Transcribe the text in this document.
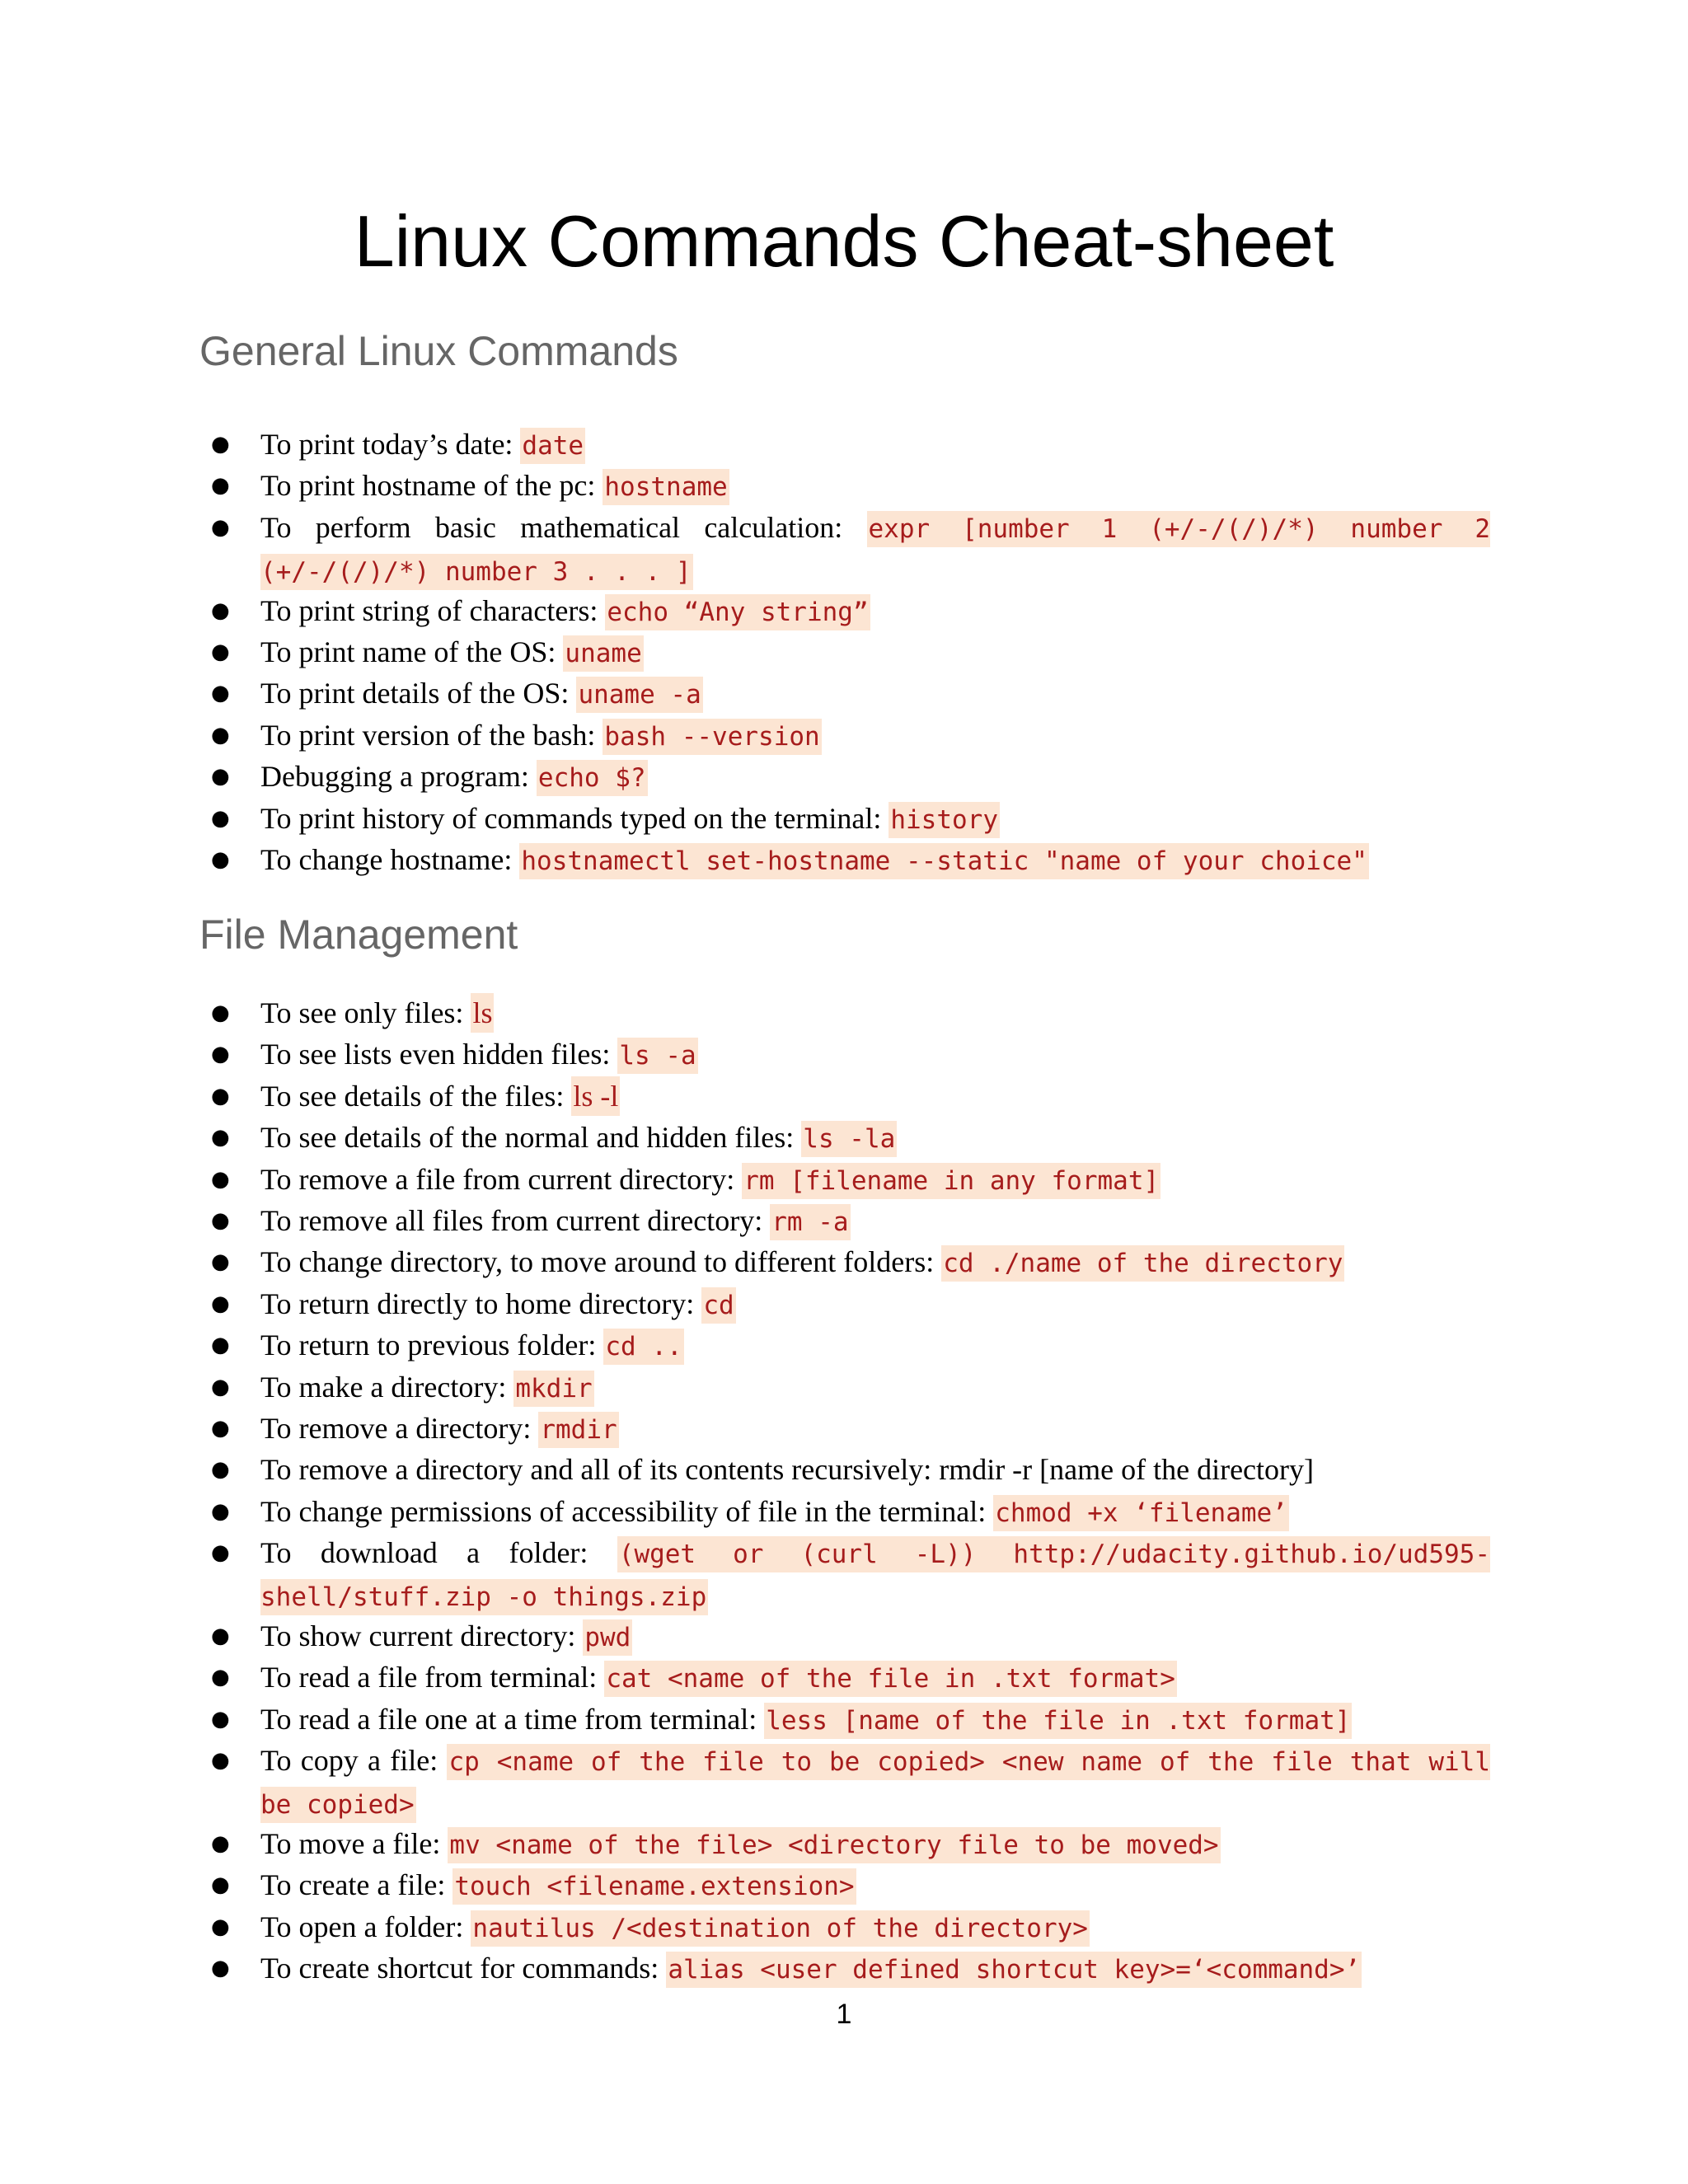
Linux Commands Cheat-sheet
General Linux Commands
● To print today’s date: date
● To print hostname of the pc: hostname
● To perform basic mathematical calculation: expr [number 1 (+/-/(/)/*) number 2 (+/-/(/)/*) number 3 . . . ]
● To print string of characters: echo “Any string”
● To print name of the OS: uname
● To print details of the OS: uname -a
● To print version of the bash: bash --version
● Debugging a program: echo $?
● To print history of commands typed on the terminal: history
● To change hostname: hostnamectl set-hostname --static "name of your choice"
File Management
● To see only files: ls
● To see lists even hidden files: ls -a
● To see details of the files: ls -l
● To see details of the normal and hidden files: ls -la
● To remove a file from current directory: rm [filename in any format]
● To remove all files from current directory: rm -a
● To change directory, to move around to different folders: cd ./name of the directory
● To return directly to home directory: cd
● To return to previous folder: cd ..
● To make a directory: mkdir
● To remove a directory: rmdir
● To remove a directory and all of its contents recursively: rmdir -r [name of the directory]
● To change permissions of accessibility of file in the terminal: chmod +x ‘filename’
● To download a folder: (wget or (curl -L)) http://udacity.github.io/ud595-shell/stuff.zip -o things.zip
● To show current directory: pwd
● To read a file from terminal: cat <name of the file in .txt format>
● To read a file one at a time from terminal: less [name of the file in .txt format]
● To copy a file: cp <name of the file to be copied> <new name of the file that will be copied>
● To move a file: mv <name of the file> <directory file to be moved>
● To create a file: touch <filename.extension>
● To open a folder: nautilus /<destination of the directory>
● To create shortcut for commands: alias <user defined shortcut key>=‘<command>’
1
